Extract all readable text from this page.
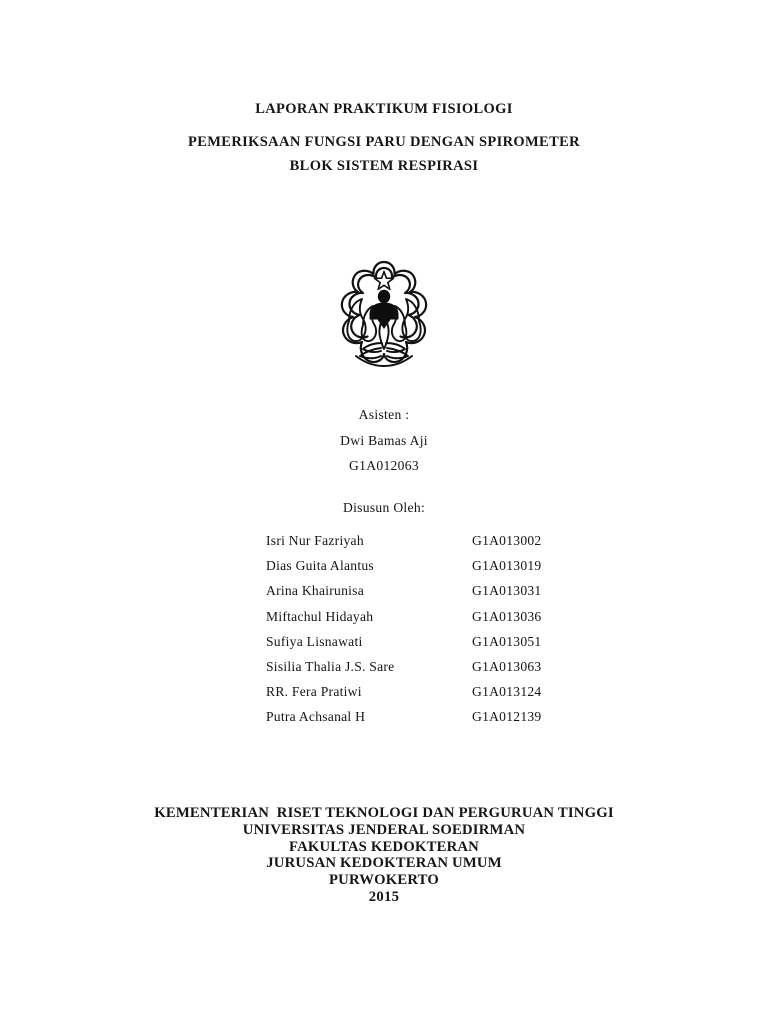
LAPORAN PRAKTIKUM FISIOLOGI
PEMERIKSAAN FUNGSI PARU DENGAN SPIROMETER
BLOK SISTEM RESPIRASI
Asisten :
Dwi Bamas Aji
G1A012063
Disusun Oleh:
Isri Nur Fazriyah	G1A013002
Dias Guita Alantus	G1A013019
Arina Khairunisa	G1A013031
Miftachul Hidayah	G1A013036
Sufiya Lisnawati	G1A013051
Sisilia Thalia J.S. Sare	G1A013063
RR. Fera Pratiwi	G1A013124
Putra Achsanal H	G1A012139
KEMENTERIAN  RISET TEKNOLOGI DAN PERGURUAN TINGGI
UNIVERSITAS JENDERAL SOEDIRMAN
FAKULTAS KEDOKTERAN
JURUSAN KEDOKTERAN UMUM
PURWOKERTO
2015
